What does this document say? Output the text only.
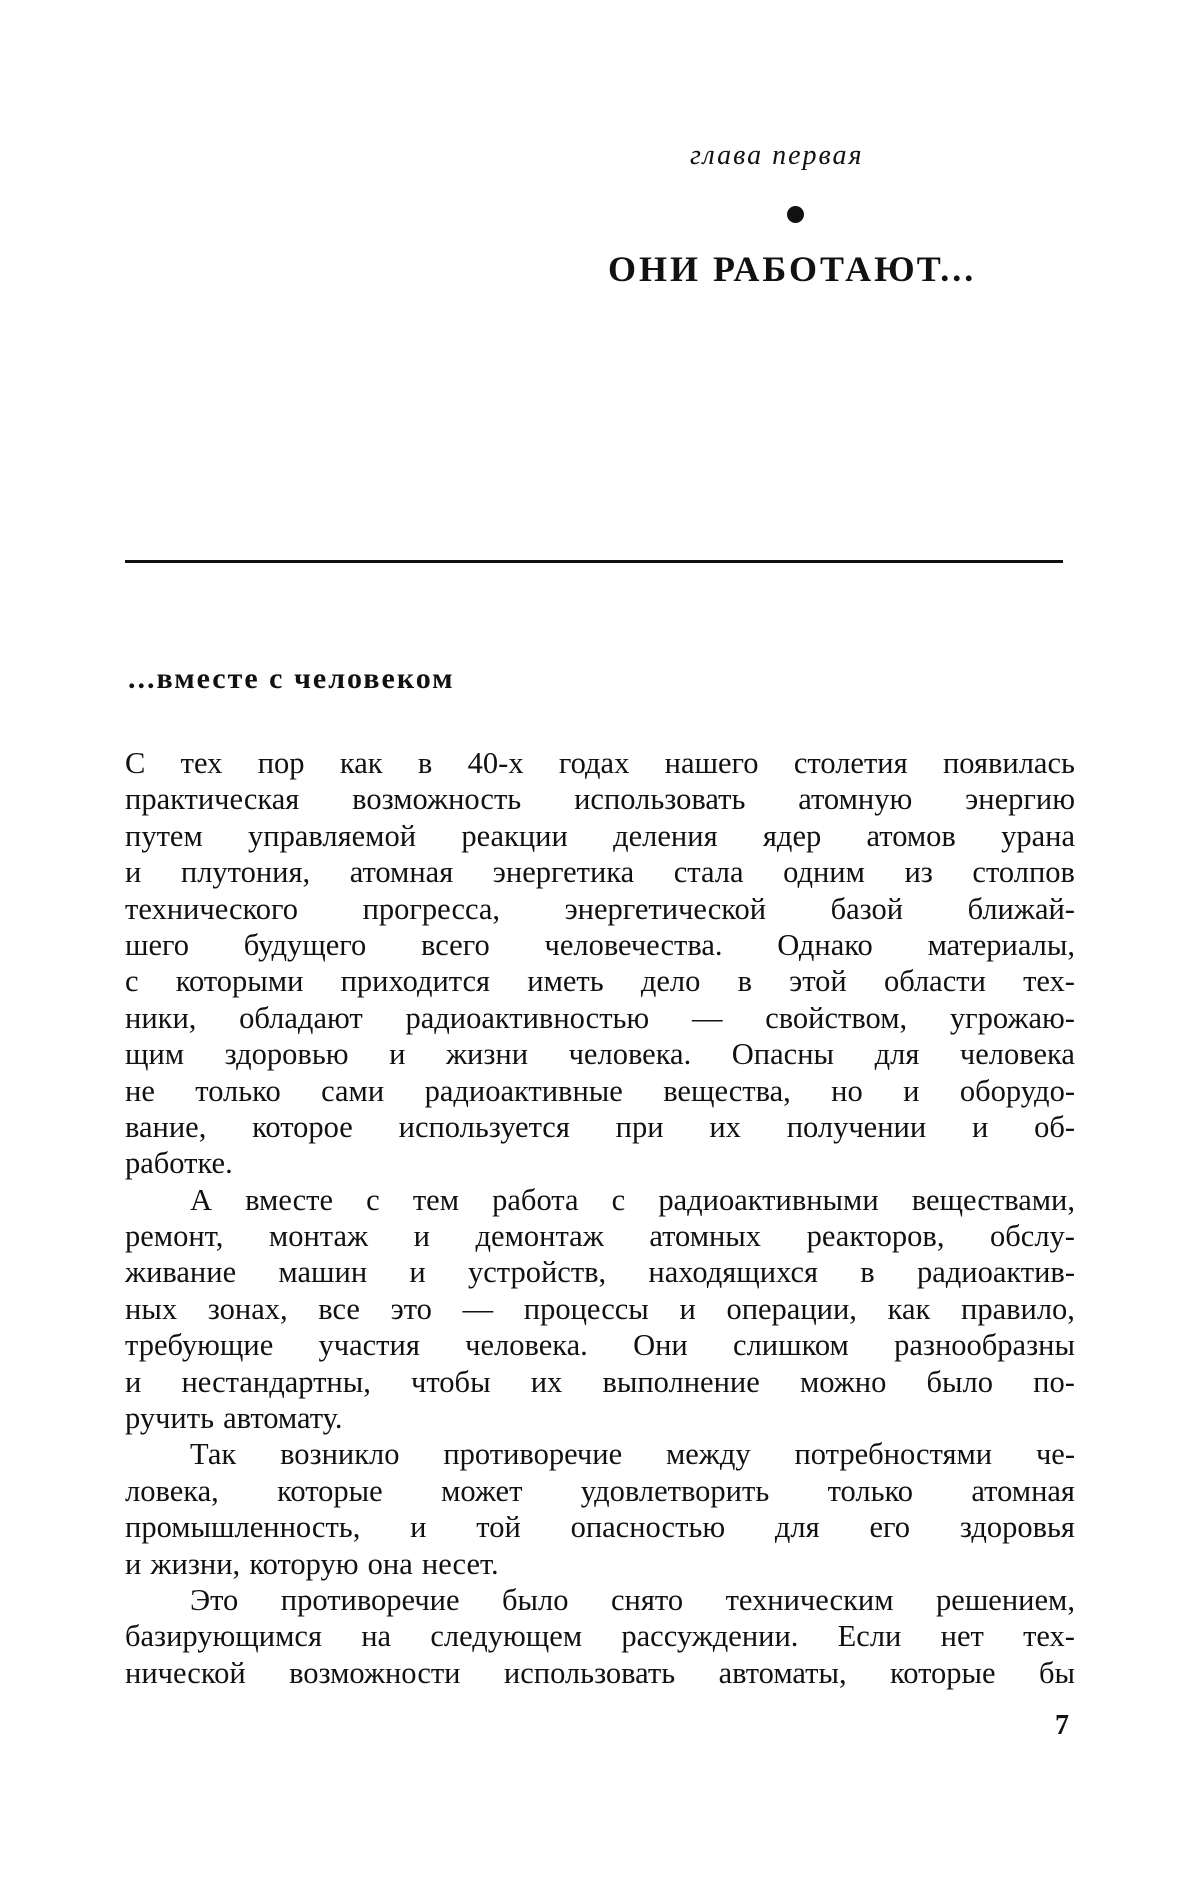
глава первая
ОНИ РАБОТАЮТ...
...вместе с человеком
С тех пор как в 40-х годах нашего столетия появилась
практическая возможность использовать атомную энергию
путем управляемой реакции деления ядер атомов урана
и плутония, атомная энергетика стала одним из столпов
технического прогресса, энергетической базой ближай-
шего будущего всего человечества. Однако материалы,
с которыми приходится иметь дело в этой области тех-
ники, обладают радиоактивностью — свойством, угрожаю-
щим здоровью и жизни человека. Опасны для человека
не только сами радиоактивные вещества, но и оборудо-
вание, которое используется при их получении и об-
работке.
А вместе с тем работа с радиоактивными веществами,
ремонт, монтаж и демонтаж атомных реакторов, обслу-
живание машин и устройств, находящихся в радиоактив-
ных зонах, все это — процессы и операции, как правило,
требующие участия человека. Они слишком разнообразны
и нестандартны, чтобы их выполнение можно было по-
ручить автомату.
Так возникло противоречие между потребностями че-
ловека, которые может удовлетворить только атомная
промышленность, и той опасностью для его здоровья
и жизни, которую она несет.
Это противоречие было снято техническим решением,
базирующимся на следующем рассуждении. Если нет тех-
нической возможности использовать автоматы, которые бы
7
